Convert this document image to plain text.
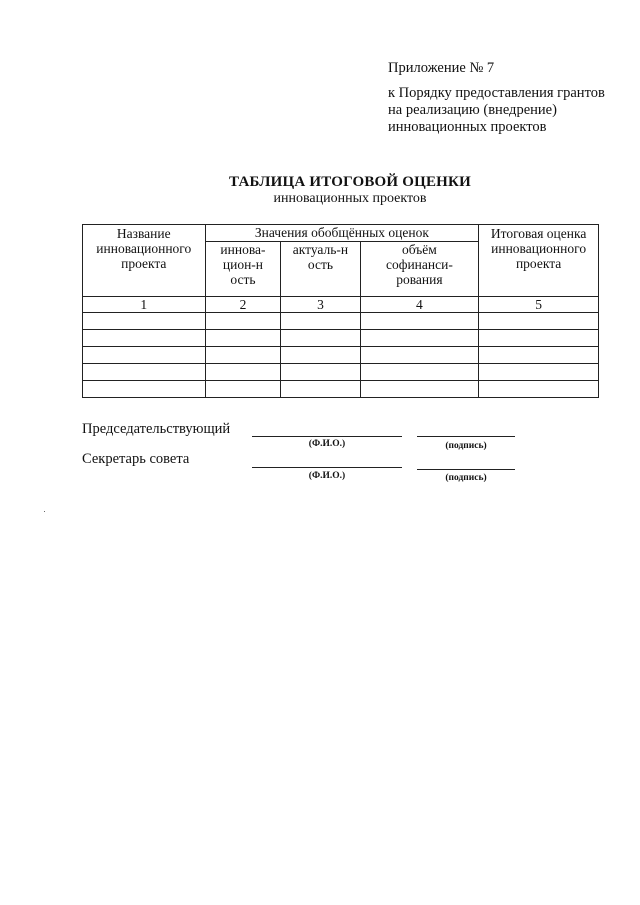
Приложение № 7
к Порядку предоставления грантов
на реализацию (внедрение)
инновационных проектов
ТАБЛИЦА ИТОГОВОЙ ОЦЕНКИ
инновационных проектов
Название инновационного проекта	Значения обобщённых оценок			Итоговая оценка инновационного проекта
	иннова-цион-ность	актуаль-ность	объём софинанси-рования	
1	2	3	4	5

Председательствующий
(Ф.И.О.)	(подпись)
Секретарь совета
(Ф.И.О.)	(подпись)
